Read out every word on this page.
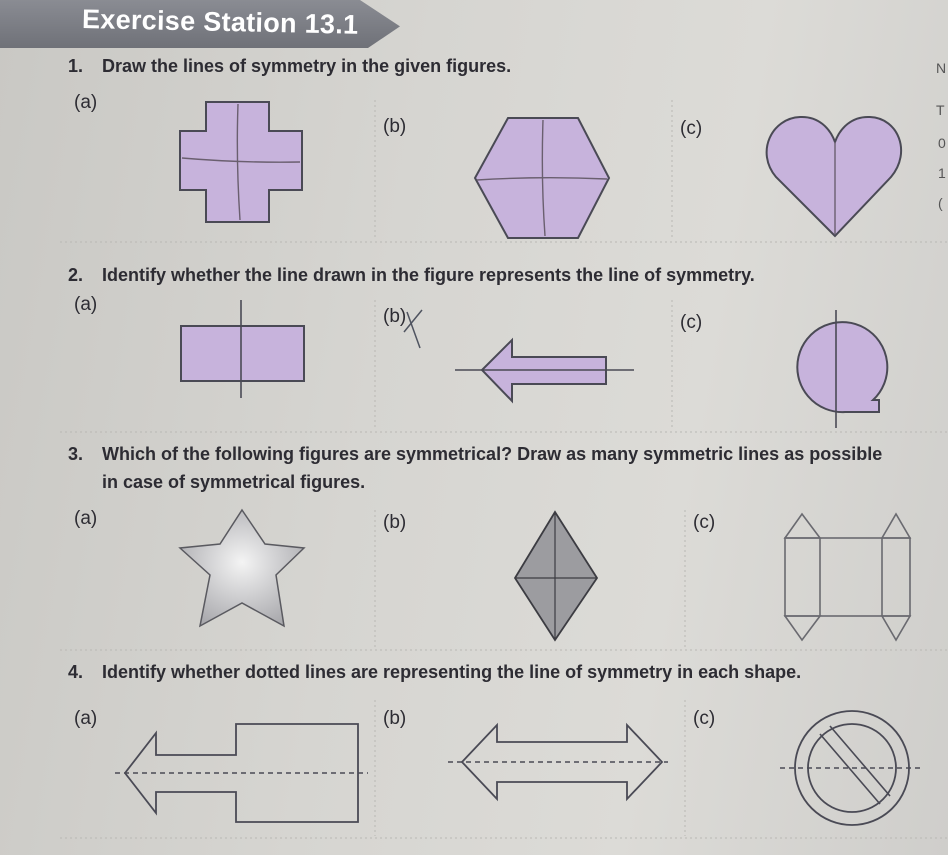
Exercise Station 13.1
N
T
0
1
(
1. Draw the lines of symmetry in the given figures.
(a)
(b)	(c)
2. Identify whether the line drawn in the figure represents the line of symmetry.
(a)
(b)	(c)
3. Which of the following figures are symmetrical? Draw as many symmetric lines as possible
in case of symmetrical figures.
(a)	(b)	(c)
4. Identify whether dotted lines are representing the line of symmetry in each shape.
(a)	(b)	(c)
